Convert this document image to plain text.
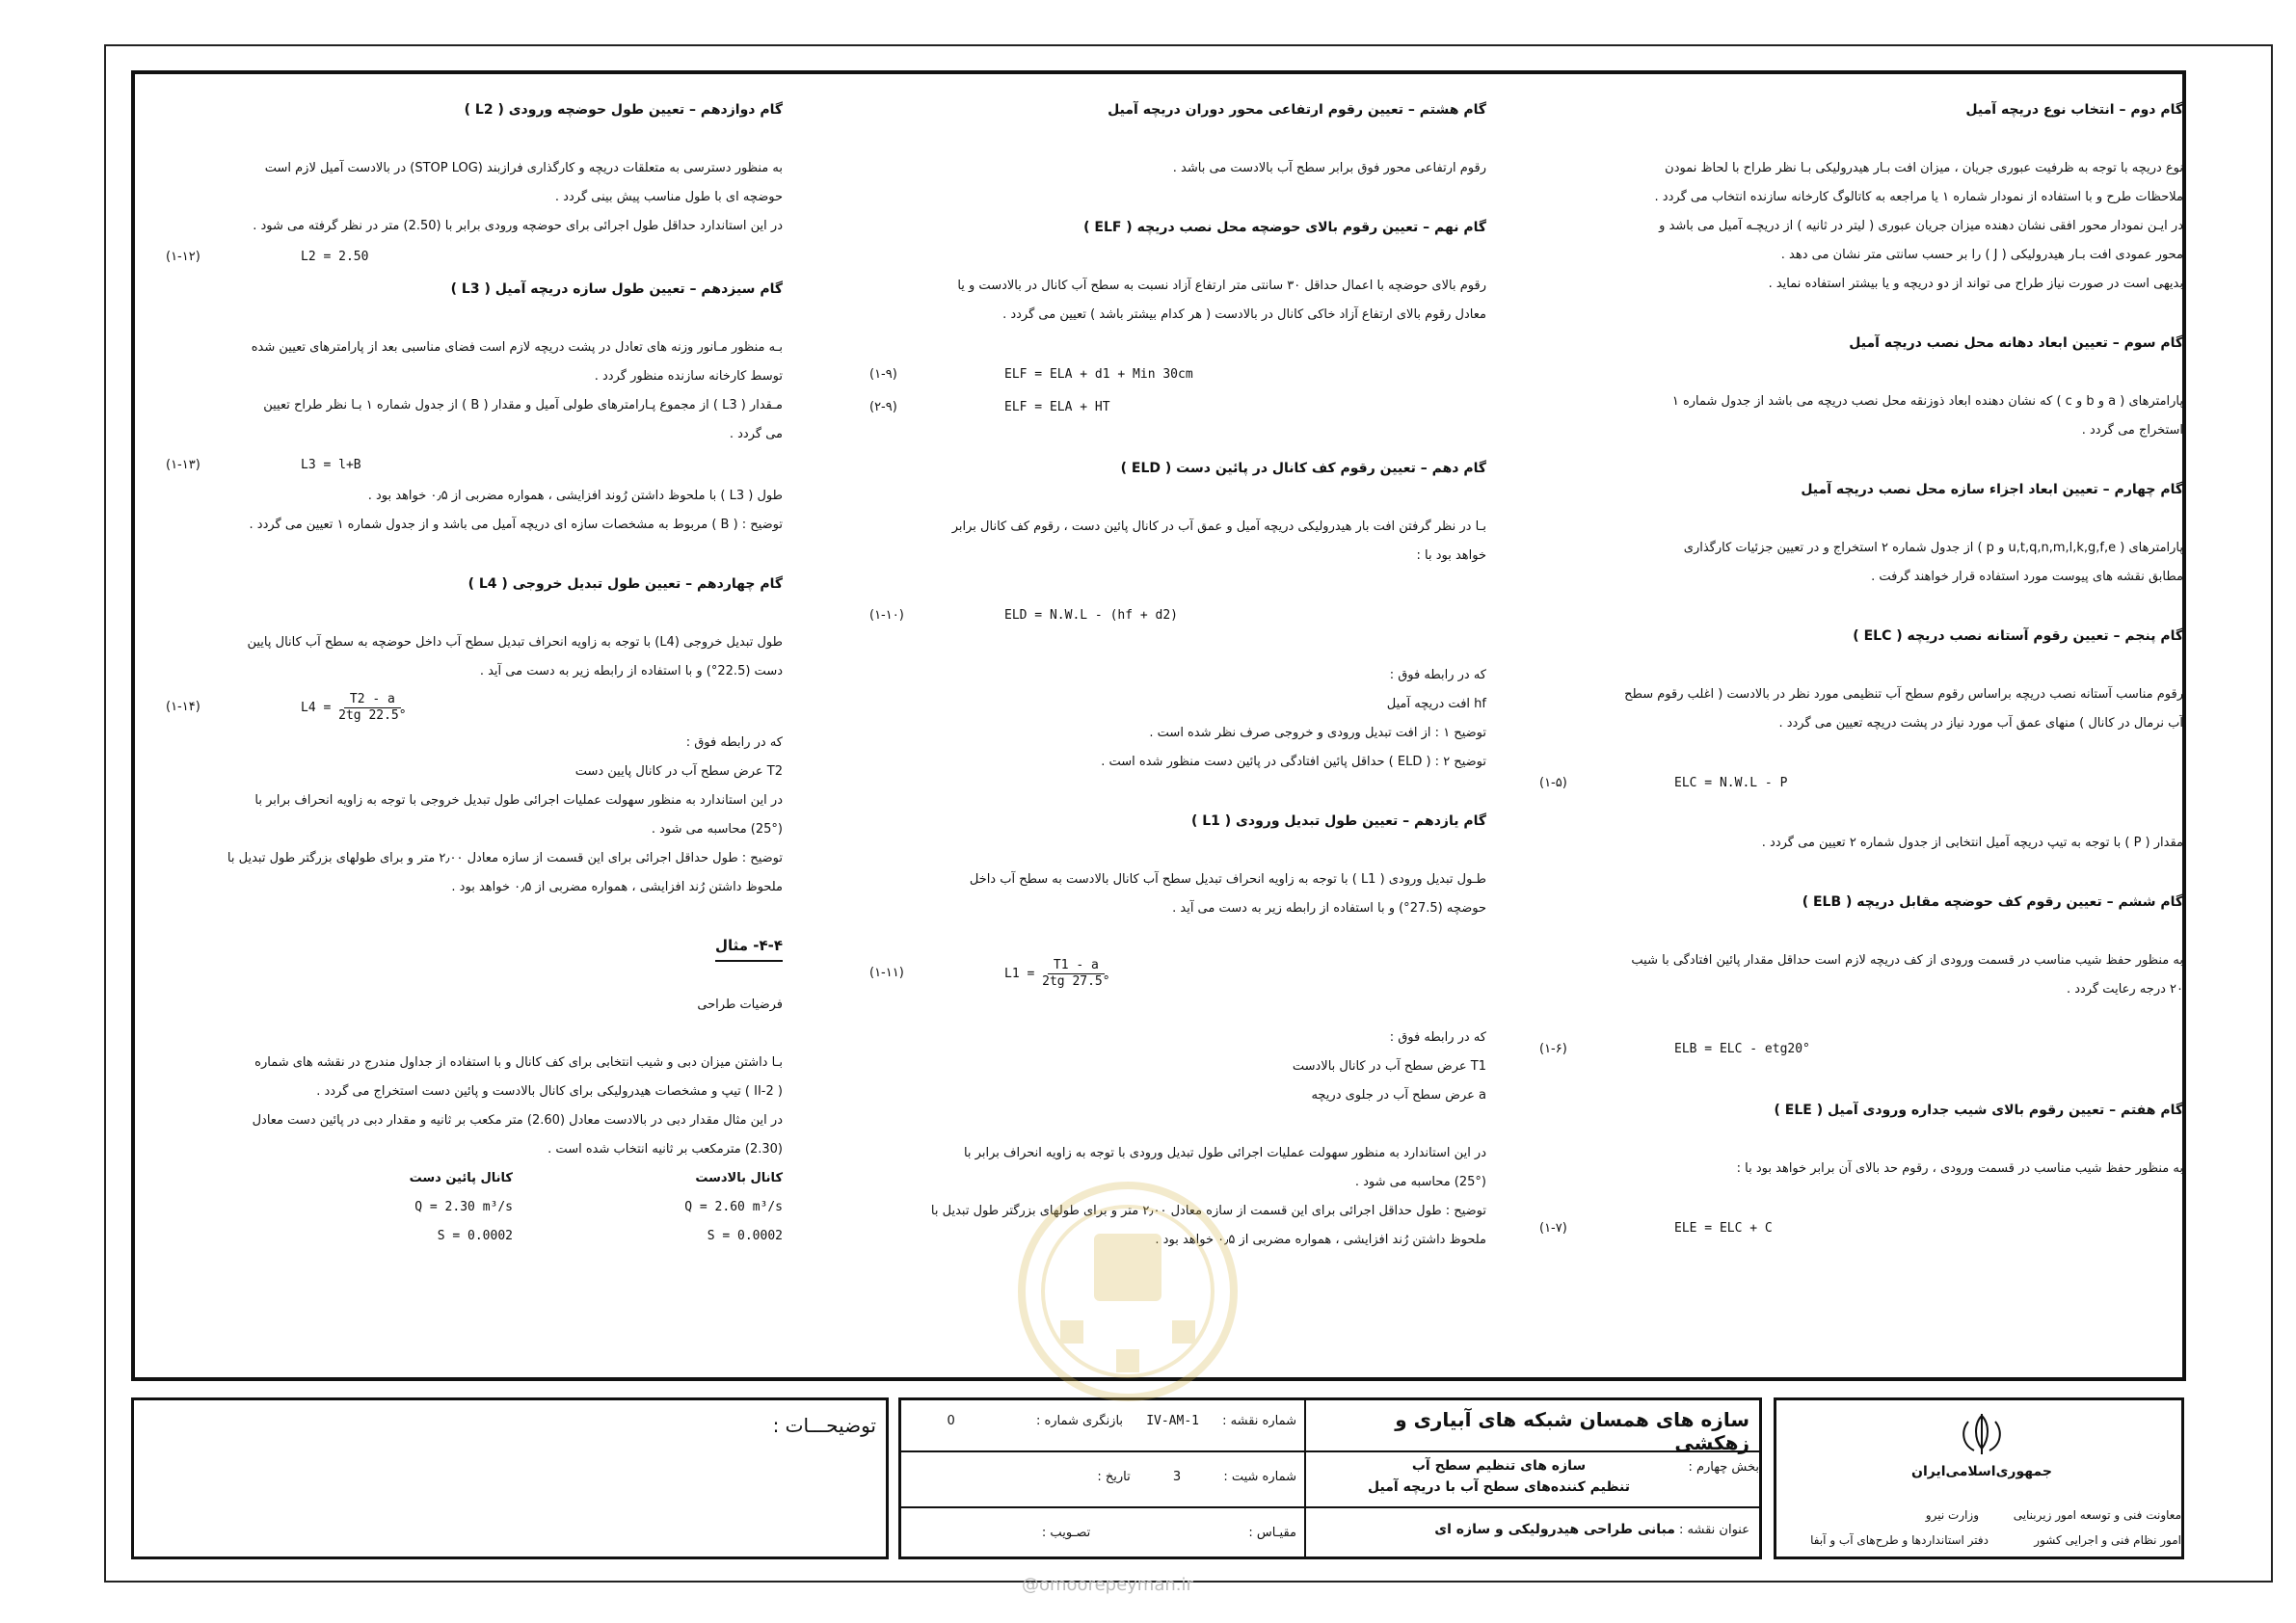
گام دوم – انتخاب نوع دریچه آمیل

نوع دریچه با توجه به ظرفیت عبوری جریان ، میزان افت بـار هیدرولیکی بـا نظر طراح با لحاظ نمودن

ملاحظات طرح و با استفاده از نمودار شماره ۱ یا مراجعه به کاتالوگ کارخانه سازنده انتخاب می گردد .

در ایـن نمودار محور افقی نشان دهنده میزان جریان عبوری ( لیتر در ثانیه ) از دریچـه آمیل می باشد و

محور عمودی افت بـار هیدرولیکی ( J ) را بر حسب سانتی متر نشان می دهد .

بدیهی است در صورت نیاز طراح می تواند از دو دریچه و یا بیشتر استفاده نماید .

گام سوم – تعیین ابعاد دهانه محل نصب دریچه آمیل

پارامترهای ( a و b و c ) که نشان دهنده ابعاد ذوزنقه محل نصب دریچه می باشد از جدول شماره ۱

استخراج می گردد .

گام چهارم – تعیین ابعاد اجزاء سازه محل نصب دریچه آمیل

پارامترهای ( u,t,q,n,m,l,k,g,f,e و p ) از جدول شماره ۲ استخراج و در تعیین جزئیات کارگذاری

مطابق نقشه های پیوست مورد استفاده قرار خواهند گرفت .

گام پنجم – تعیین رقوم آستانه نصب دریچه ( ELC )

رقوم مناسب آستانه نصب دریچه براساس رقوم سطح آب تنظیمی مورد نظر در بالادست ( اغلب رقوم سطح

آب نرمال در کانال ) منهای عمق آب مورد نیاز در پشت دریچه تعیین می گردد .

(۱-۵)	ELC = N.W.L - P

مقدار ( P ) با توجه به تیپ دریچه آمیل انتخابی از جدول شماره ۲ تعیین می گردد .

گام ششم – تعیین رقوم کف حوضچه مقابل دریچه ( ELB )

به منظور حفظ شیب مناسب در قسمت ورودی از کف دریچه لازم است حداقل مقدار پائین افتادگی با شیب

۲۰ درجه رعایت گردد .

(۱-۶)	ELB = ELC - etg20°
گام هفتم – تعیین رقوم بالای شیب جداره ورودی آمیل ( ELE )

به منظور حفظ شیب مناسب در قسمت ورودی ، رقوم حد بالای آن برابر خواهد بود با :

(۱-۷)	ELE = ELC + C
گام هشتم – تعیین رقوم ارتفاعی محور دوران دریچه آمیل

رقوم ارتفاعی محور فوق برابر سطح آب بالادست می باشد .

گام نهم – تعیین رقوم بالای حوضچه محل نصب دریچه ( ELF )

رقوم بالای حوضچه با اعمال حداقل ۳۰ سانتی متر ارتفاع آزاد نسبت به سطح آب کانال در بالادست و یا

معادل رقوم بالای ارتفاع آزاد خاکی کانال در بالادست ( هر کدام بیشتر باشد ) تعیین می گردد .

(۱-۹)	ELF = ELA + d1 + Min 30cm
(۲-۹)	ELF = ELA + HT
گام دهم – تعیین رقوم کف کانال در پائین دست ( ELD )

بـا در نظر گرفتن افت بار هیدرولیکی دریچه آمیل و عمق آب در کانال پائین دست ، رقوم کف کانال برابر

خواهد بود با :

(۱-۱۰)	ELD = N.W.L - (hf + d2)

که در رابطه فوق :

hf افت دریچه آمیل

توضیح ۱ : از افت تبدیل ورودی و خروجی صرف نظر شده است .

توضیح ۲ : ( ELD ) حداقل پائین افتادگی در پائین دست منظور شده است .

گام یازدهم – تعیین طول تبدیل ورودی ( L1 )

طـول تبدیل ورودی ( L1 ) با توجه به زاویه انحراف تبدیل سطح آب کانال بالادست به سطح آب داخل

حوضچه (27.5°) و با استفاده از رابطه زیر به دست می آید .

(۱-۱۱)	$L1 = \frac{T1 - a}{2tg 27.5^\circ}$

که در رابطه فوق :

T1 عرض سطح آب در کانال بالادست

a عرض سطح آب در جلوی دریچه

در این استاندارد به منظور سهولت عملیات اجرائی طول تبدیل ورودی با توجه به زاویه انحراف برابر با

(25°) محاسبه می شود .

توضیح : طول حداقل اجرائی برای این قسمت از سازه معادل ۲٫۰۰ متر و برای طولهای بزرگتر طول تبدیل با

ملحوظ داشتن رُند افزایشی ، همواره مضربی از ۰٫۵ خواهد بود .

گام دوازدهم – تعیین طول حوضچه ورودی ( L2 )

به منظور دسترسی به متعلقات دریچه و کارگذاری فرازبند (STOP LOG) در بالادست آمیل لازم است

حوضچه ای با طول مناسب پیش بینی گردد .

در این استاندارد حداقل طول اجرائی برای حوضچه ورودی برابر با (2.50) متر در نظر گرفته می شود .

(۱-۱۲)	L2 = 2.50
گام سیزدهم – تعیین طول سازه دریچه آمیل ( L3 )

بـه منظور مـانور وزنه های تعادل در پشت دریچه لازم است فضای مناسبی بعد از پارامترهای تعیین شده

توسط کارخانه سازنده منظور گردد .

مـقدار ( L3 ) از مجموع پـارامترهای طولی آمیل و مقدار ( B ) از جدول شماره ۱ بـا نظر طراح تعیین

می گردد .

(۱-۱۳)	L3 = l+B

طول ( L3 ) با ملحوظ داشتن رُوند افزایشی ، همواره مضربی از ۰٫۵ خواهد بود .

توضیح : ( B ) مربوط به مشخصات سازه ای دریچه آمیل می باشد و از جدول شماره ۱ تعیین می گردد .

گام چهاردهم – تعیین طول تبدیل خروجی ( L4 )

طول تبدیل خروجی (L4) با توجه به زاویه انحراف تبدیل سطح آب داخل حوضچه به سطح آب کانال پایین

دست (22.5°) و با استفاده از رابطه زیر به دست می آید .

(۱-۱۴)	$L4 = \frac{T2 - a}{2tg 22.5^\circ}$

که در رابطه فوق :

T2 عرض سطح آب در کانال پایین دست

در این استاندارد به منظور سهولت عملیات اجرائی طول تبدیل خروجی با توجه به زاویه انحراف برابر با

(25°) محاسبه می شود .

توضیح : طول حداقل اجرائی برای این قسمت از سازه معادل ۲٫۰۰ متر و برای طولهای بزرگتر طول تبدیل با

ملحوظ داشتن رُند افزایشی ، همواره مضربی از ۰٫۵ خواهد بود .

۴-۴- مثال

فرضیات طراحی

بـا داشتن میزان دبی و شیب انتخابی برای کف کانال و با استفاده از جداول مندرج در نقشه های شماره

( II-2 ) تیپ و مشخصات هیدرولیکی برای کانال بالادست و پائین دست استخراج می گردد .

در این مثال مقدار دبی در بالادست معادل (2.60) متر مکعب بر ثانیه و مقدار دبی در پائین دست معادل

(2.30) مترمکعب بر ثانیه انتخاب شده است .

کانال بالادست
Q = 2.60 m³/s
S = 0.0002
کانال پائین دست
Q = 2.30 m³/s
S = 0.0002
جمهوری‌اسلامی‌ایران
معاونت فنی و توسعه امور زیربنایی
وزارت نیرو
امور نظام فنی و اجرایی کشور
دفتر استانداردها و طرح‌های آب و آبفا
سازه های همسان شبکه های آبیاری و زهکشی
شماره نقشه : IV-AM-1 بازنگری شماره : 0
بخش چهارم :
سازه های تنظیم سطح آب
تنظیم کننده‌های سطح آب با دریچه آمیل
شماره شیت : 3 تاریخ :
عنوان نقشه : مبانی طراحی هیدرولیکی و سازه ای
مقیـاس : تصـویب :
توضیحـــات :
@omoorepeyman.ir
